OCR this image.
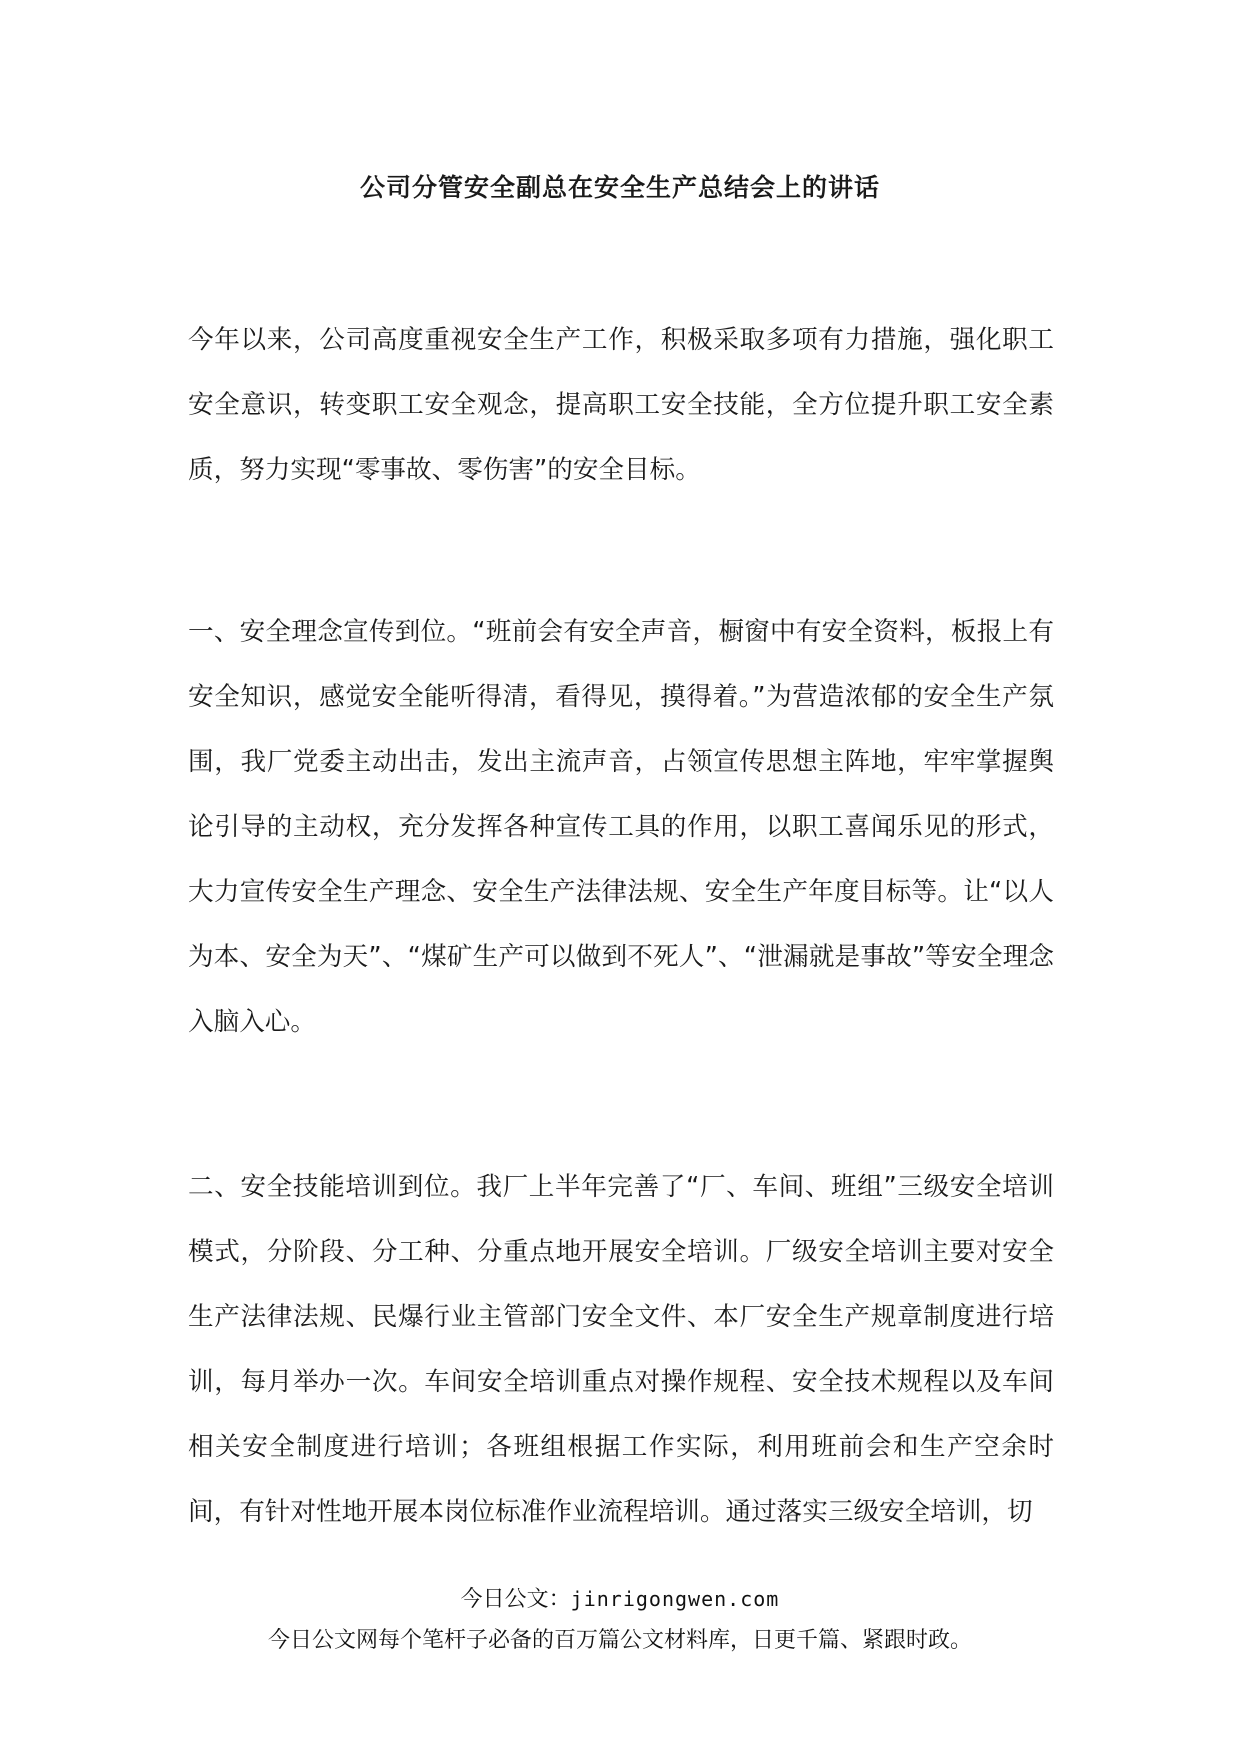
公司分管安全副总在安全生产总结会上的讲话

今年以来，公司高度重视安全生产工作，积极采取多项有力措施，强化职工安全意识，转变职工安全观念，提高职工安全技能，全方位提升职工安全素质，努力实现“零事故、零伤害”的安全目标。

一、安全理念宣传到位。“班前会有安全声音，橱窗中有安全资料，板报上有安全知识，感觉安全能听得清，看得见，摸得着。”为营造浓郁的安全生产氛围，我厂党委主动出击，发出主流声音，占领宣传思想主阵地，牢牢掌握舆论引导的主动权，充分发挥各种宣传工具的作用，以职工喜闻乐见的形式，大力宣传安全生产理念、安全生产法律法规、安全生产年度目标等。让“以人为本、安全为天”、“煤矿生产可以做到不死人”、“泄漏就是事故”等安全理念入脑入心。

二、安全技能培训到位。我厂上半年完善了“厂、车间、班组”三级安全培训模式，分阶段、分工种、分重点地开展安全培训。厂级安全培训主要对安全生产法律法规、民爆行业主管部门安全文件、本厂安全生产规章制度进行培训，每月举办一次。车间安全培训重点对操作规程、安全技术规程以及车间相关安全制度进行培训；各班组根据工作实际，利用班前会和生产空余时间，有针对性地开展本岗位标准作业流程培训。通过落实三级安全培训，切

今日公文：jinrigongwen.com
今日公文网每个笔杆子必备的百万篇公文材料库，日更千篇、紧跟时政。
